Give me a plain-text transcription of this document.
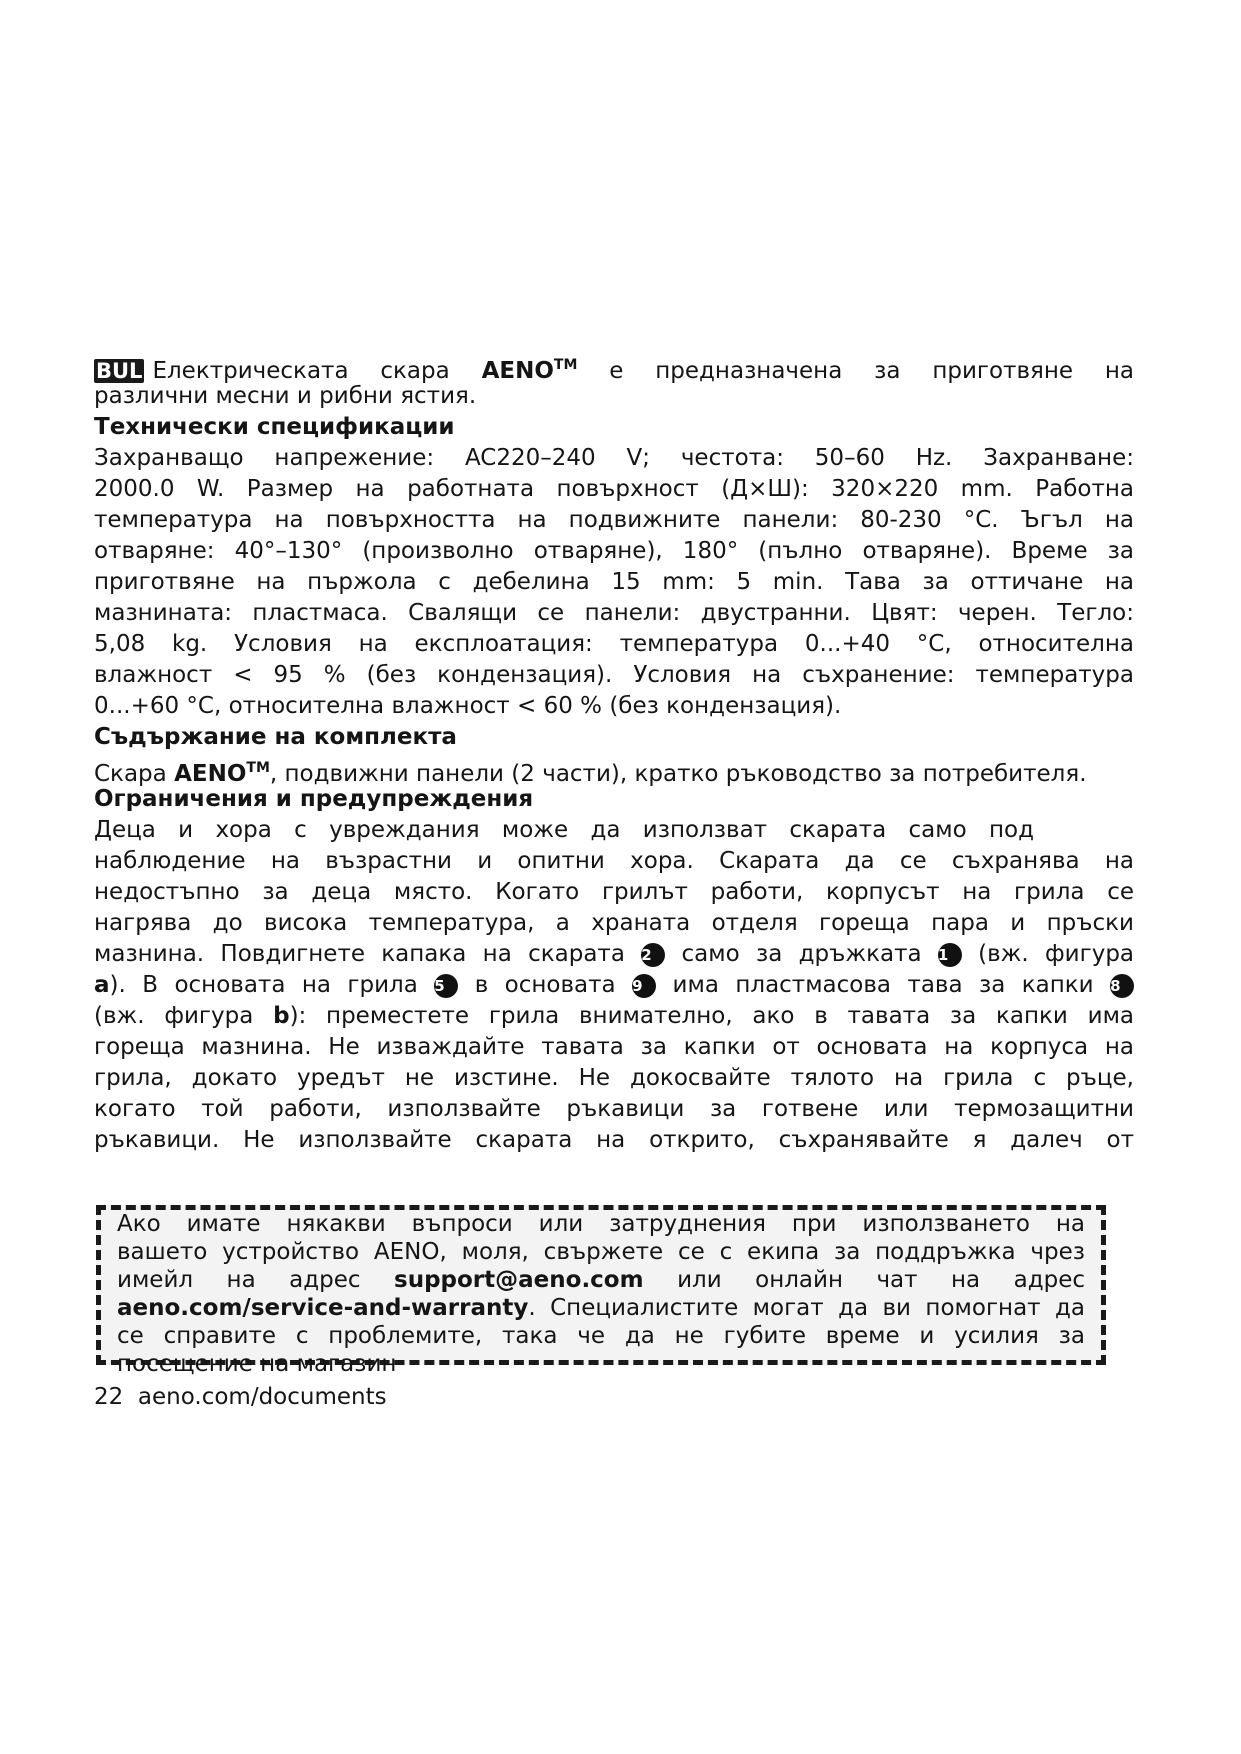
BUL Електрическата скара AENO™ е предназначена за приготвяне на
различни месни и рибни ястия.
Технически спецификации
Захранващо напрежение: AC220–240 V; честота: 50–60 Hz. Захранване:
2000.0 W. Размер на работната повърхност (Д×Ш): 320×220 mm. Работна
температура на повърхността на подвижните панели: 80-230 °C. Ъгъл на
отваряне: 40°–130° (произволно отваряне), 180° (пълно отваряне). Време за
приготвяне на пържола с дебелина 15 mm: 5 min. Тава за оттичане на
мазнината: пластмаса. Свалящи се панели: двустранни. Цвят: черен. Тегло:
5,08 kg. Условия на експлоатация: температура 0...+40 °C, относителна
влажност < 95 % (без кондензация). Условия на съхранение: температура
0...+60 °C, относителна влажност < 60 % (без кондензация).
Съдържание на комплекта
Скара AENO™, подвижни панели (2 части), кратко ръководство за потребителя.
Ограничения и предупреждения
Деца и хора с увреждания може да използват скарата само под
наблюдение на възрастни и опитни хора. Скарата да се съхранява на
недостъпно за деца място. Когато грилът работи, корпусът на грила се
нагрява до висока температура, а храната отделя гореща пара и пръски
мазнина. Повдигнете капака на скарата 2 само за дръжката 1 (вж. фигура
a). В основата на грила 5 в основата 9 има пластмасова тава за капки 8
(вж. фигура b): преместете грила внимателно, ако в тавата за капки има
гореща мазнина. Не изваждайте тавата за капки от основата на корпуса на
грила, докато уредът не изстине. Не докосвайте тялото на грила с ръце,
когато той работи, използвайте ръкавици за готвене или термозащитни
ръкавици. Не използвайте скарата на открито, съхранявайте я далеч от
Ако имате някакви въпроси или затруднения при използването на
вашето устройство AENO, моля, свържете се с екипа за поддръжка чрез
имейл на адрес support@aeno.com или онлайн чат на адрес
aeno.com/service-and-warranty. Специалистите могат да ви помогнат да
се справите с проблемите, така че да не губите време и усилия за
посещение на магазин
22 aeno.com/documents
